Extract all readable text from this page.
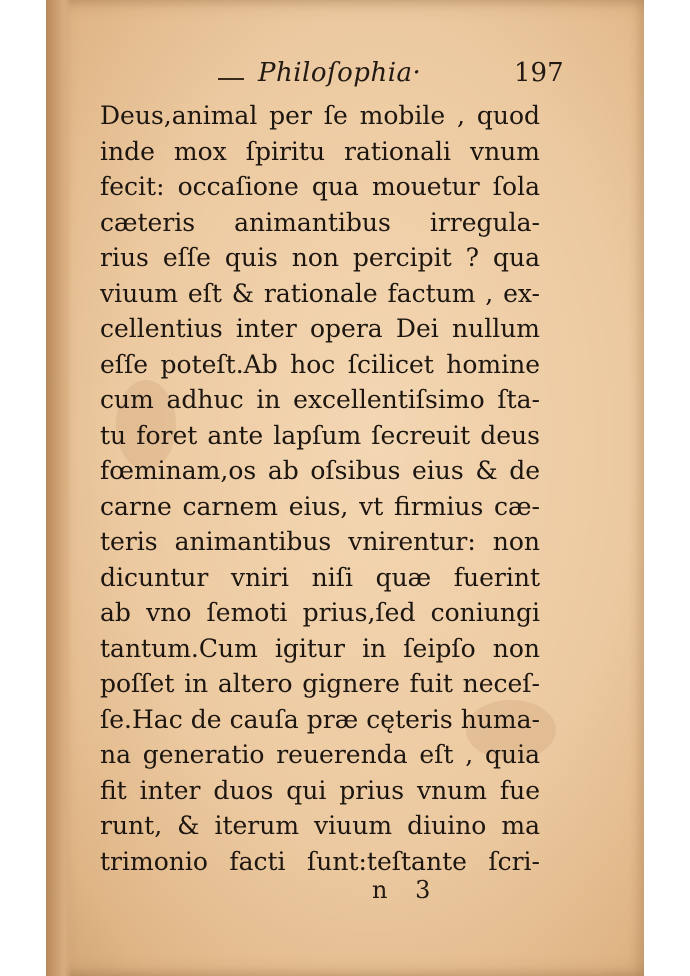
Philoſophia·	197
Deus,animal per ſe mobile , quod
inde mox ſpiritu rationali vnum
fecit: occaſione qua mouetur ſola
cæteris animantibus irregula-
rius eſſe quis non percipit ? qua
viuum eſt & rationale factum , ex-
cellentius inter opera Dei nullum
eſſe poteſt.Ab hoc ſcilicet homine
cum adhuc in excellentiſsimo ſta-
tu foret ante lapſum ſecreuit deus
fœminam,os ab oſsibus eius & de
carne carnem eius, vt firmius cæ-
teris animantibus vnirentur: non
dicuntur vniri niſi quæ fuerint
ab vno ſemoti prius,ſed coniungi
tantum.Cum igitur in ſeipſo non
poſſet in altero gignere fuit neceſ-
ſe.Hac de cauſa præ cęteris huma-
na generatio reuerenda eſt , quia
fit inter duos qui prius vnum fue
runt, & iterum viuum diuino ma
trimonio facti ſunt:teſtante ſcri-
n 3
